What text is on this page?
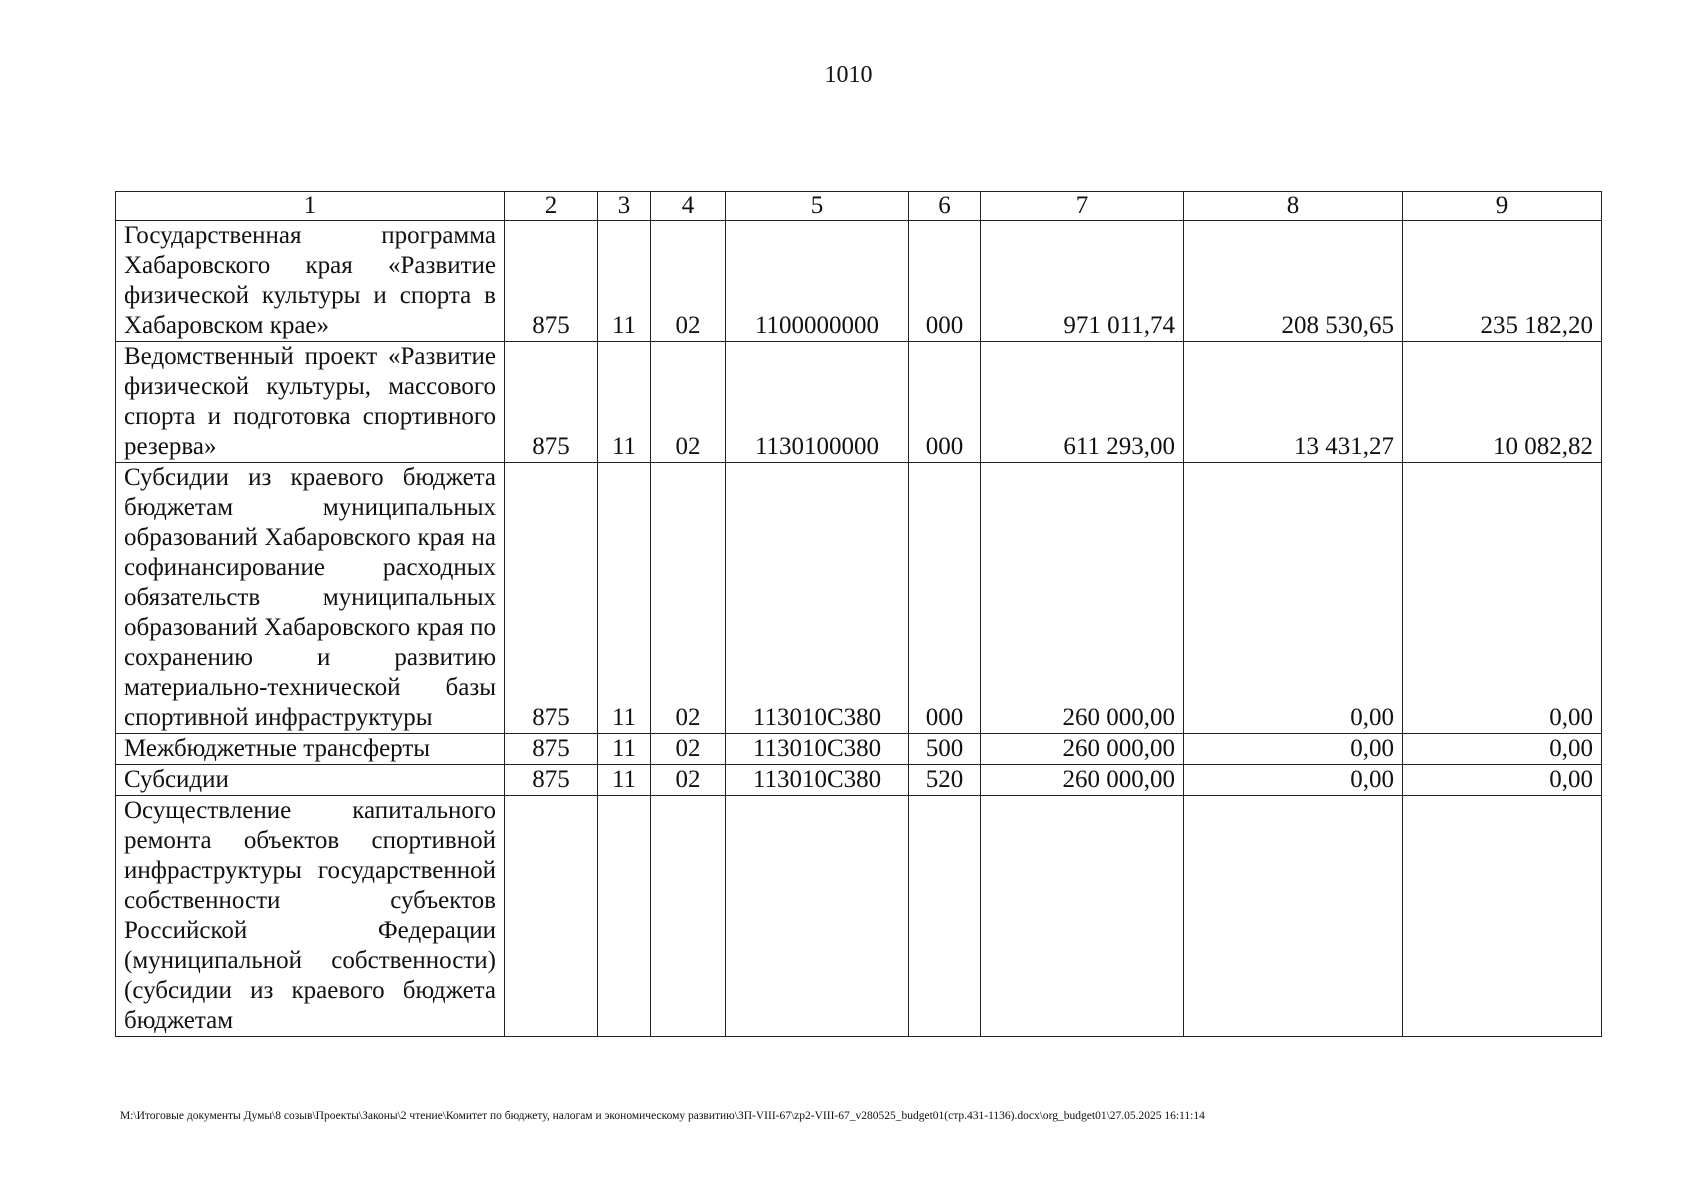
1010
1	2	3	4	5	6	7	8	9
Государственная программа Хабаровского края «Развитие физической культуры и спорта в Хабаровском крае»	875	11	02	1100000000	000	971 011,74	208 530,65	235 182,20
Ведомственный проект «Развитие физической культуры, массового спорта и подготовка спортивного резерва»	875	11	02	1130100000	000	611 293,00	13 431,27	10 082,82
Субсидии из краевого бюджета бюджетам муниципальных образований Хабаровского края на софинансирование расходных обязательств муниципальных образований Хабаровского края по сохранению и развитию материально-технической базы спортивной инфраструктуры	875	11	02	113010C380	000	260 000,00	0,00	0,00
Межбюджетные трансферты	875	11	02	113010C380	500	260 000,00	0,00	0,00
Субсидии	875	11	02	113010C380	520	260 000,00	0,00	0,00
Осуществление капитального ремонта объектов спортивной инфраструктуры государственной собственности субъектов Российской Федерации (муниципальной собственности) (субсидии из краевого бюджета бюджетам								
M:\Итоговые документы Думы\8 созыв\Проекты\Законы\2 чтение\Комитет по бюджету, налогам и экономическому развитию\ЗП-VIII-67\zp2-VIII-67_v280525_budget01(стр.431-1136).docx\org_budget01\27.05.2025 16:11:14
